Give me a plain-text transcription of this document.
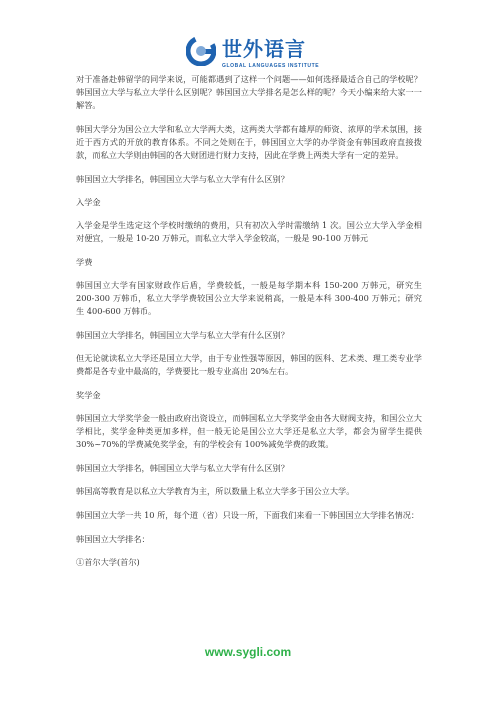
世外语言
GLOBAL LANGUAGES INSTITUTE

对于准备赴韩留学的同学来说，可能都遇到了这样一个问题——如何选择最适合自己的学校呢？韩国国立大学与私立大学什么区别呢？韩国国立大学排名是怎么样的呢？今天小编来给大家一一解答。

韩国大学分为国公立大学和私立大学两大类，这两类大学都有雄厚的师资、浓厚的学术氛围，接近于西方式的开放的教育体系。不同之处则在于，韩国国立大学的办学资金有韩国政府直接拨款，而私立大学则由韩国的各大财团进行财力支持，因此在学费上两类大学有一定的差异。

韩国国立大学排名，韩国国立大学与私立大学有什么区别？

入学金

入学金是学生选定这个学校时缴纳的费用，只有初次入学时需缴纳 1 次。国公立大学入学金相对便宜，一般是 10-20 万韩元，而私立大学入学金较高，一般是 90-100 万韩元

学费

韩国国立大学有国家财政作后盾，学费较低，一般是每学期本科 150-200 万韩元，研究生 200-300 万韩币，私立大学学费较国公立大学来说稍高，一般是本科 300-400 万韩元；研究生 400-600 万韩币。

韩国国立大学排名，韩国国立大学与私立大学有什么区别？

但无论就读私立大学还是国立大学，由于专业性强等原因，韩国的医科、艺术类、理工类专业学费都是各专业中最高的，学费要比一般专业高出 20%左右。

奖学金

韩国国立大学奖学金一般由政府出资设立，而韩国私立大学奖学金由各大财阀支持，和国公立大学相比，奖学金种类更加多样，但一般无论是国公立大学还是私立大学，都会为留学生提供 30%~70%的学费减免奖学金，有的学校会有 100%减免学费的政策。

韩国国立大学排名，韩国国立大学与私立大学有什么区别？

韩国高等教育是以私立大学教育为主，所以数量上私立大学多于国公立大学。

韩国国立大学一共 10 所，每个道（省）只设一所，下面我们来看一下韩国国立大学排名情况：

韩国国立大学排名：

①首尔大学(首尔)

www.sygli.com
